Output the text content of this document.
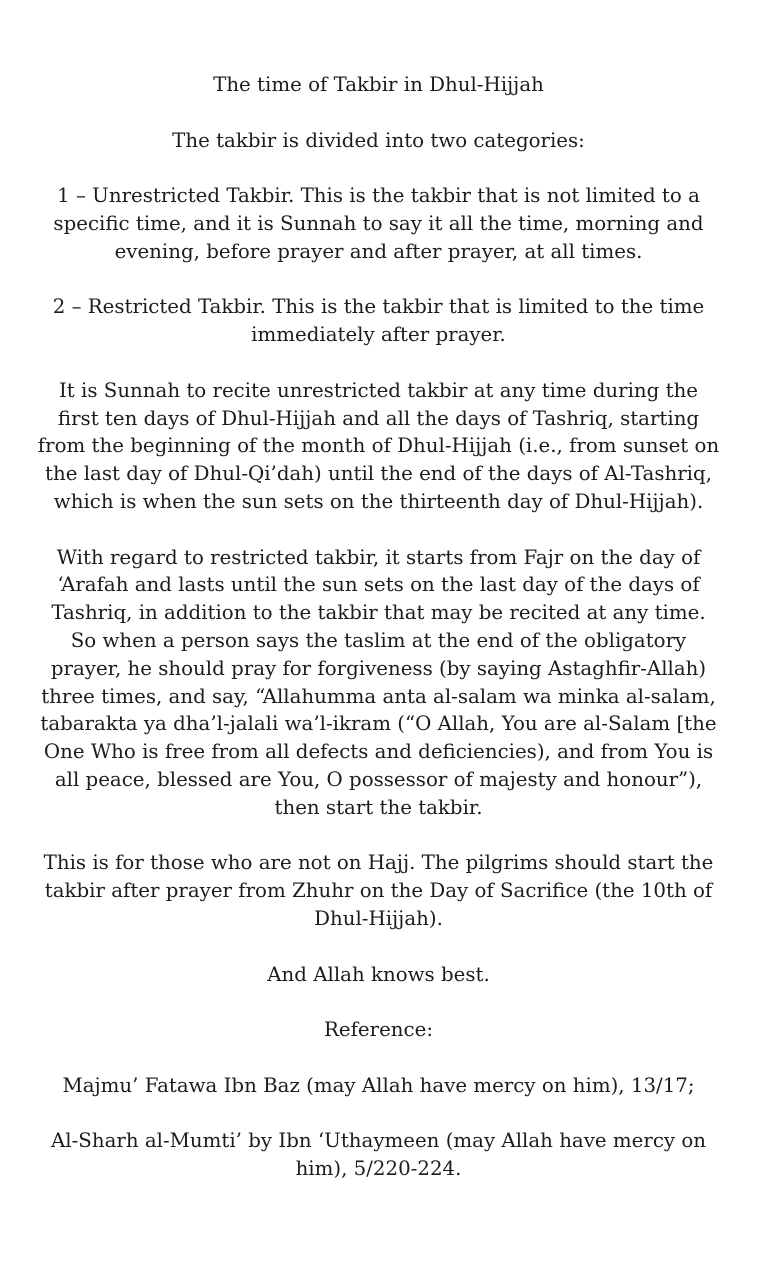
The time of Takbir in Dhul-Hijjah

The takbir is divided into two categories:

1 – Unrestricted Takbir. This is the takbir that is not limited to a specific time, and it is Sunnah to say it all the time, morning and evening, before prayer and after prayer, at all times.

2 – Restricted Takbir. This is the takbir that is limited to the time immediately after prayer.

It is Sunnah to recite unrestricted takbir at any time during the first ten days of Dhul-Hijjah and all the days of Tashriq, starting from the beginning of the month of Dhul-Hijjah (i.e., from sunset on the last day of Dhul-Qi’dah) until the end of the days of Al-Tashriq, which is when the sun sets on the thirteenth day of Dhul-Hijjah).

With regard to restricted takbir, it starts from Fajr on the day of ‘Arafah and lasts until the sun sets on the last day of the days of Tashriq, in addition to the takbir that may be recited at any time. So when a person says the taslim at the end of the obligatory prayer, he should pray for forgiveness (by saying Astaghfir-Allah) three times, and say, “Allahumma anta al-salam wa minka al-salam, tabarakta ya dha’l-jalali wa’l-ikram (“O Allah, You are al-Salam [the One Who is free from all defects and deficiencies), and from You is all peace, blessed are You, O possessor of majesty and honour”), then start the takbir.

This is for those who are not on Hajj. The pilgrims should start the takbir after prayer from Zhuhr on the Day of Sacrifice (the 10th of Dhul-Hijjah).

And Allah knows best.

Reference:

Majmu’ Fatawa Ibn Baz (may Allah have mercy on him), 13/17;

Al-Sharh al-Mumti’ by Ibn ‘Uthaymeen (may Allah have mercy on him), 5/220-224.
